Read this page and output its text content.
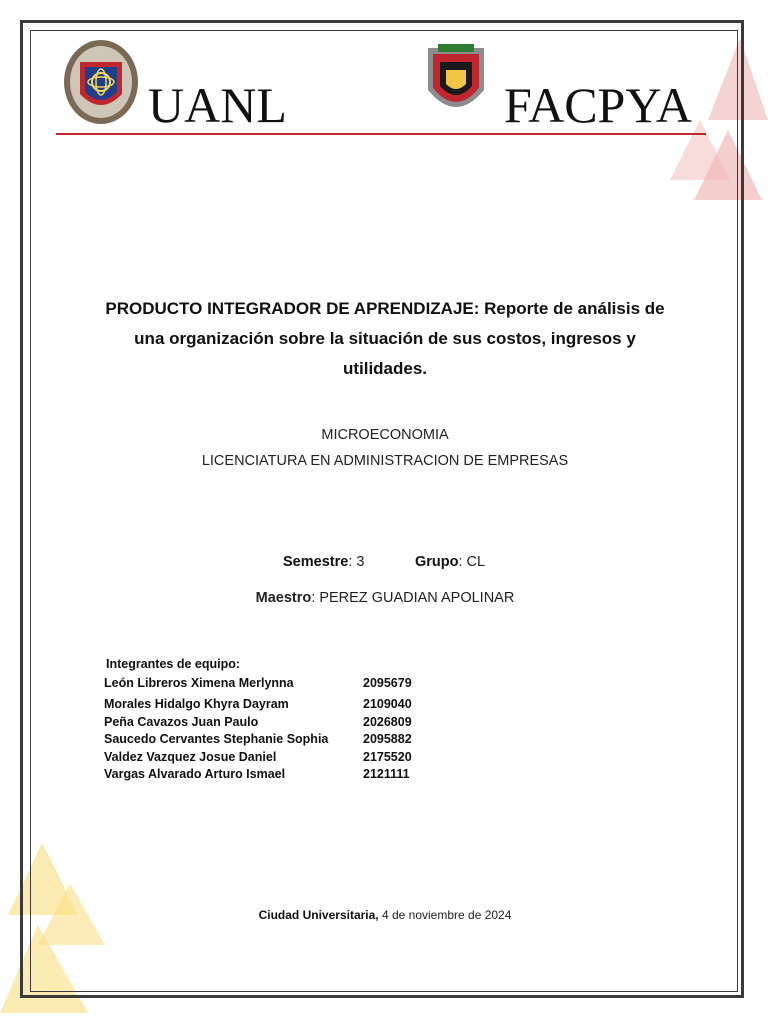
UANL	FACPYA
PRODUCTO INTEGRADOR DE APRENDIZAJE: Reporte de análisis de una organización sobre la situación de sus costos, ingresos y utilidades.
MICROECONOMIA
LICENCIATURA EN ADMINISTRACION DE EMPRESAS
Semestre: 3	Grupo: CL
Maestro: PEREZ GUADIAN APOLINAR
Integrantes de equipo:
León Libreros Ximena Merlynna	2095679
Morales Hidalgo Khyra Dayram	2109040
Peña Cavazos Juan Paulo	2026809
Saucedo Cervantes Stephanie Sophia	2095882
Valdez Vazquez Josue Daniel	2175520
Vargas Alvarado Arturo Ismael	2121111
Ciudad Universitaria, 4 de noviembre de 2024
